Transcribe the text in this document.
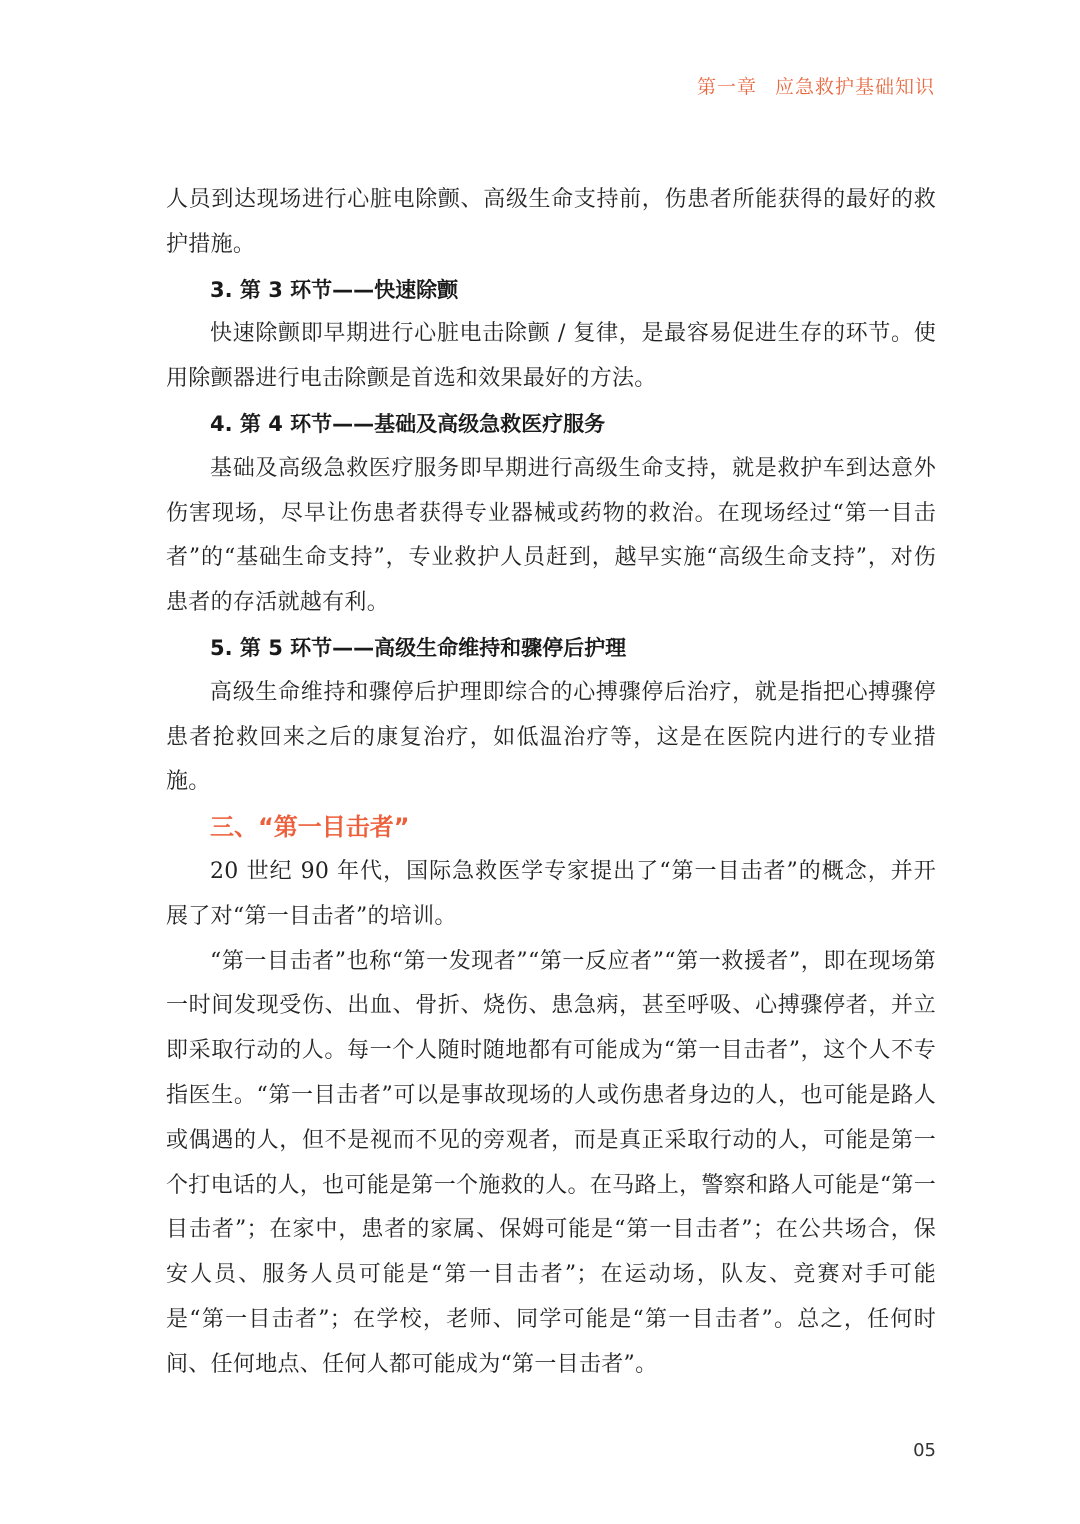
第一章 应急救护基础知识

人员到达现场进行心脏电除颤、高级生命支持前，伤患者所能获得的最好的救护措施。

3. 第 3 环节——快速除颤

快速除颤即早期进行心脏电击除颤 / 复律，是最容易促进生存的环节。使用除颤器进行电击除颤是首选和效果最好的方法。

4. 第 4 环节——基础及高级急救医疗服务

基础及高级急救医疗服务即早期进行高级生命支持，就是救护车到达意外伤害现场，尽早让伤患者获得专业器械或药物的救治。在现场经过“第一目击者”的“基础生命支持”，专业救护人员赶到，越早实施“高级生命支持”，对伤患者的存活就越有利。

5. 第 5 环节——高级生命维持和骤停后护理

高级生命维持和骤停后护理即综合的心搏骤停后治疗，就是指把心搏骤停患者抢救回来之后的康复治疗，如低温治疗等，这是在医院内进行的专业措施。

三、“第一目击者”

20 世纪 90 年代，国际急救医学专家提出了“第一目击者”的概念，并开展了对“第一目击者”的培训。

“第一目击者”也称“第一发现者”“第一反应者”“第一救援者”，即在现场第一时间发现受伤、出血、骨折、烧伤、患急病，甚至呼吸、心搏骤停者，并立即采取行动的人。每一个人随时随地都有可能成为“第一目击者”，这个人不专指医生。“第一目击者”可以是事故现场的人或伤患者身边的人，也可能是路人或偶遇的人，但不是视而不见的旁观者，而是真正采取行动的人，可能是第一个打电话的人，也可能是第一个施救的人。在马路上，警察和路人可能是“第一目击者”；在家中，患者的家属、保姆可能是“第一目击者”；在公共场合，保安人员、服务人员可能是“第一目击者”；在运动场，队友、竞赛对手可能是“第一目击者”；在学校，老师、同学可能是“第一目击者”。总之，任何时间、任何地点、任何人都可能成为“第一目击者”。

05
